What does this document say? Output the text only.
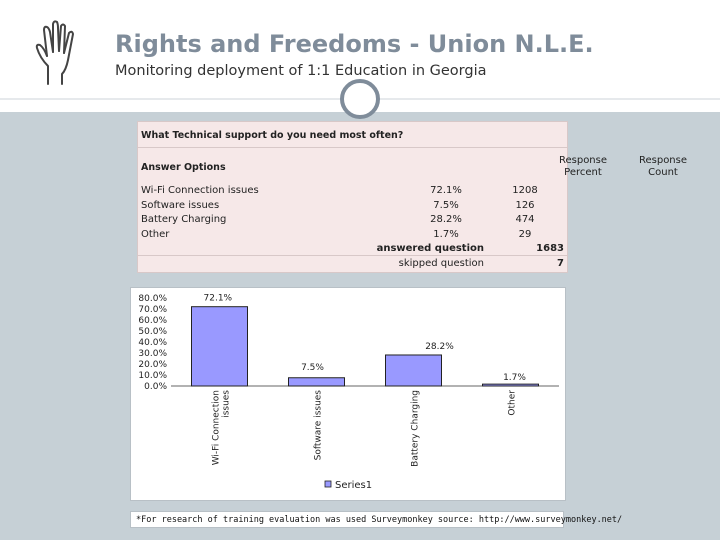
Rights and Freedoms - Union N.L.E.
Monitoring deployment of 1:1 Education in Georgia
What Technical support do you need most often?
Answer Options
Response
Percent
Response
Count
Wi-Fi Connection issues	72.1%	1208
Software issues	7.5%	126
Battery Charging	28.2%	474
Other	1.7%	29
answered question	1683
skipped question	7
0.0%
10.0%
20.0%
30.0%
40.0%
50.0%
60.0%
70.0%
80.0%	72.1%
Wi-Fi Connection issues
7.5%
Software issues
28.2%
Battery Charging
1.7%
Other
Series1
*For research of training evaluation was used Surveymonkey source: http://www.surveymonkey.net/
